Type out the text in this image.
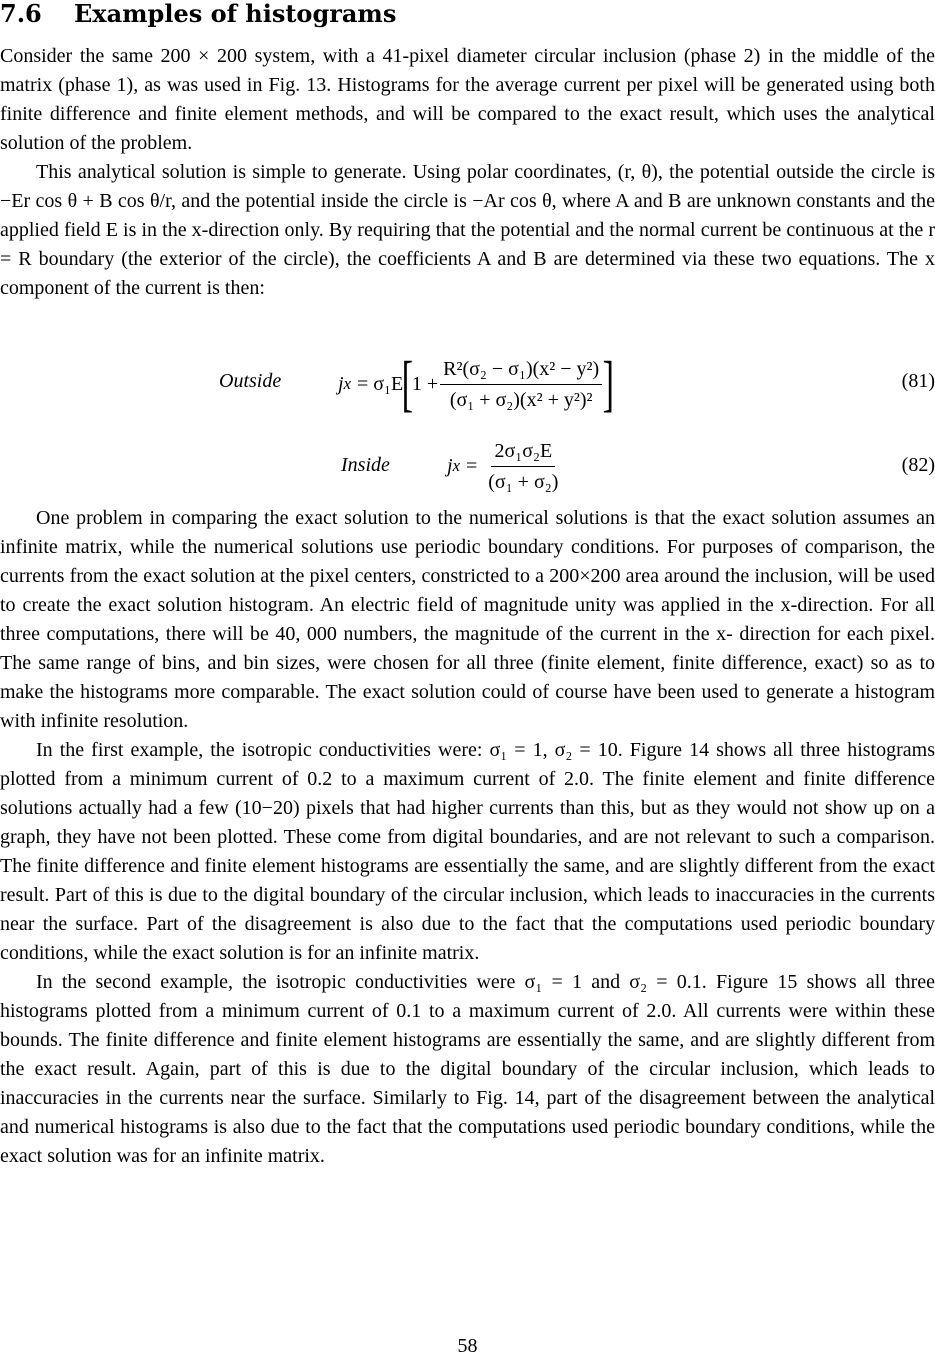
7.6 Examples of histograms

Consider the same 200 × 200 system, with a 41-pixel diameter circular inclusion (phase 2) in the middle of the matrix (phase 1), as was used in Fig. 13. Histograms for the average current per pixel will be generated using both finite difference and finite element methods, and will be compared to the exact result, which uses the analytical solution of the problem.

This analytical solution is simple to generate. Using polar coordinates, (r, θ), the potential outside the circle is −Er cos θ + B cos θ/r, and the potential inside the circle is −Ar cos θ, where A and B are unknown constants and the applied field E is in the x-direction only. By requiring that the potential and the normal current be continuous at the r = R boundary (the exterior of the circle), the coefficients A and B are determined via these two equations. The x component of the current is then:

Outside	j x = σ₁E
[
$1 + \frac{\text{R²(σ₂ − σ₁)(x² − y²)}}{\text{(σ₁ + σ₂)(x² + y²)²}}$ ]	(81)
Inside	j $x = \frac{\text{2σ₁σ₂E}}{\text{(σ₁ + σ₂)}}$	(82)

One problem in comparing the exact solution to the numerical solutions is that the exact solution assumes an infinite matrix, while the numerical solutions use periodic boundary conditions. For purposes of comparison, the currents from the exact solution at the pixel centers, constricted to a 200×200 area around the inclusion, will be used to create the exact solution histogram. An electric field of magnitude unity was applied in the x-direction. For all three computations, there will be 40, 000 numbers, the magnitude of the current in the x- direction for each pixel. The same range of bins, and bin sizes, were chosen for all three (finite element, finite difference, exact) so as to make the histograms more comparable. The exact solution could of course have been used to generate a histogram with infinite resolution.

In the first example, the isotropic conductivities were: σ₁ = 1, σ₂ = 10. Figure 14 shows all three histograms plotted from a minimum current of 0.2 to a maximum current of 2.0. The finite element and finite difference solutions actually had a few (10−20) pixels that had higher currents than this, but as they would not show up on a graph, they have not been plotted. These come from digital boundaries, and are not relevant to such a comparison. The finite difference and finite element histograms are essentially the same, and are slightly different from the exact result. Part of this is due to the digital boundary of the circular inclusion, which leads to inaccuracies in the currents near the surface. Part of the disagreement is also due to the fact that the computations used periodic boundary conditions, while the exact solution is for an infinite matrix.

In the second example, the isotropic conductivities were σ₁ = 1 and σ₂ = 0.1. Figure 15 shows all three histograms plotted from a minimum current of 0.1 to a maximum current of 2.0. All currents were within these bounds. The finite difference and finite element histograms are essentially the same, and are slightly different from the exact result. Again, part of this is due to the digital boundary of the circular inclusion, which leads to inaccuracies in the currents near the surface. Similarly to Fig. 14, part of the disagreement between the analytical and numerical histograms is also due to the fact that the computations used periodic boundary conditions, while the exact solution was for an infinite matrix.

58
